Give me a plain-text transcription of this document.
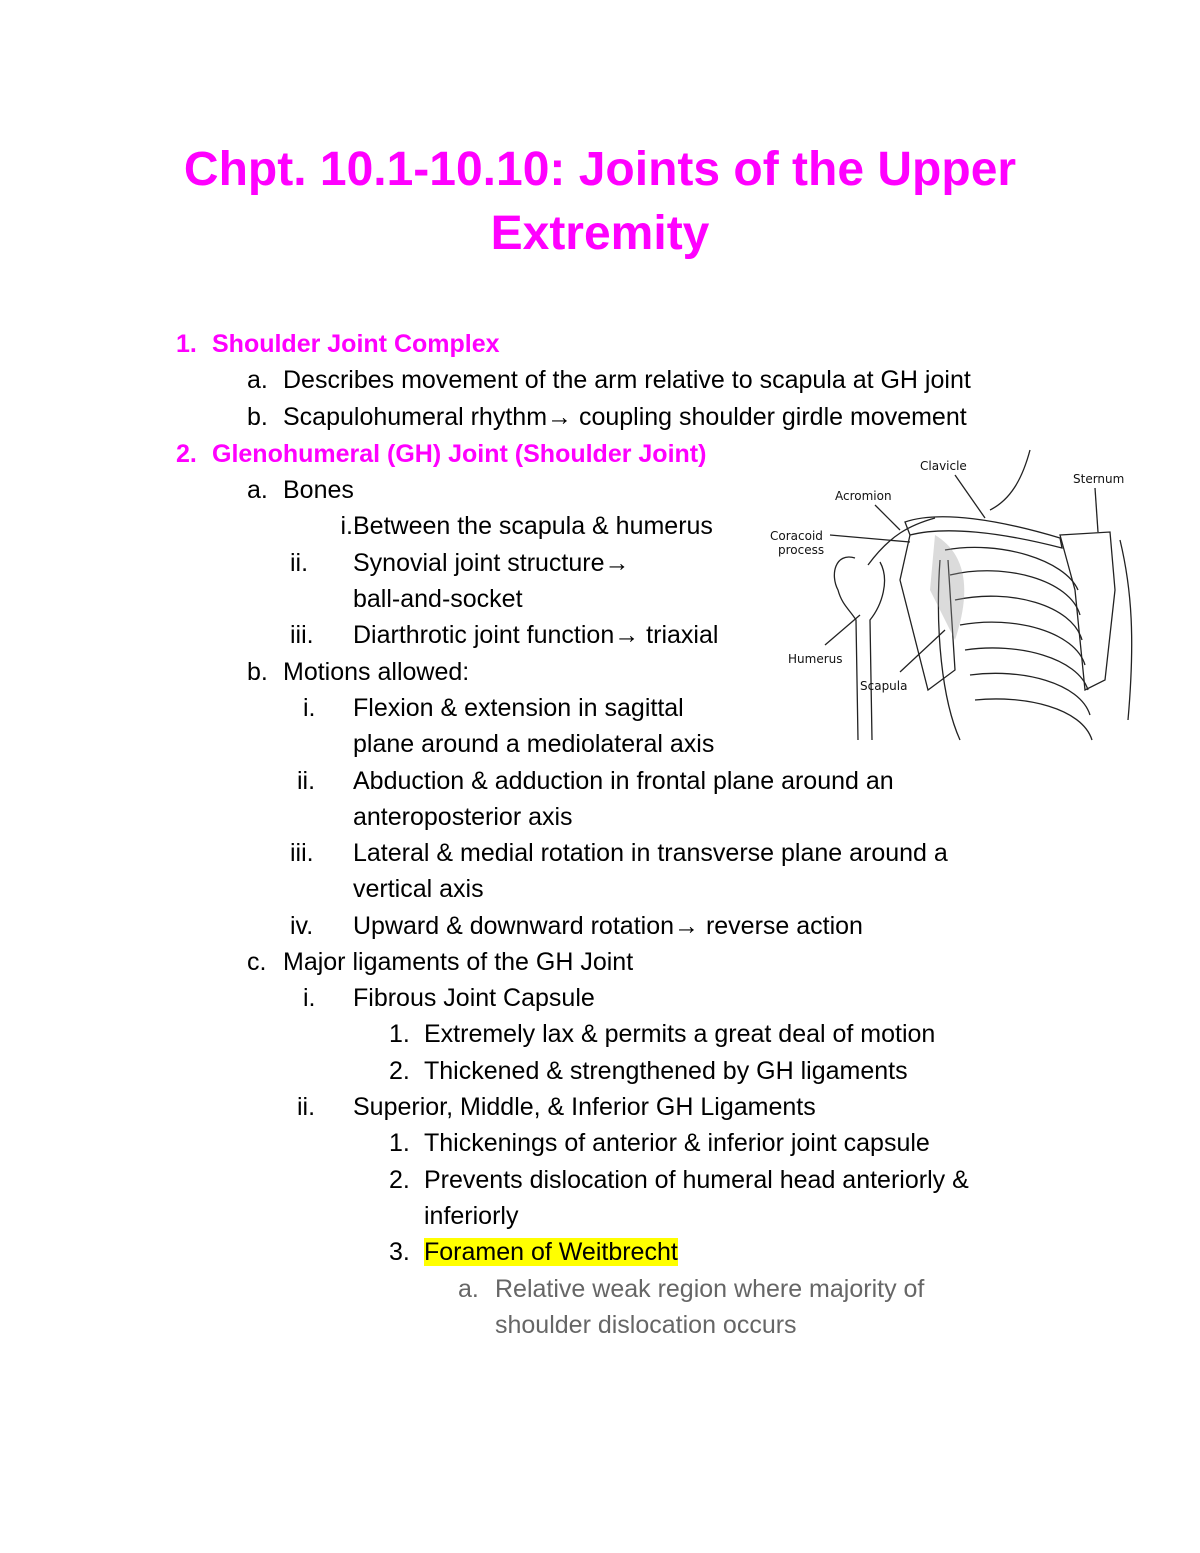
Chpt. 10.1-10.10: Joints of the Upper Extremity
1. Shoulder Joint Complex
a. Describes movement of the arm relative to scapula at GH joint
b. Scapulohumeral rhythm→ coupling shoulder girdle movement
2. Glenohumeral (GH) Joint (Shoulder Joint)
a. Bones
i. Between the scapula & humerus
ii. Synovial joint structure→
ball-and-socket
iii. Diarthrotic joint function→ triaxial
b. Motions allowed:
i. Flexion & extension in sagittal
plane around a mediolateral axis
ii. Abduction & adduction in frontal plane around an
anteroposterior axis
iii. Lateral & medial rotation in transverse plane around a
vertical axis
iv. Upward & downward rotation→ reverse action
c. Major ligaments of the GH Joint
i. Fibrous Joint Capsule
1. Extremely lax & permits a great deal of motion
2. Thickened & strengthened by GH ligaments
ii. Superior, Middle, & Inferior GH Ligaments
1. Thickenings of anterior & inferior joint capsule
2. Prevents dislocation of humeral head anteriorly &
inferiorly
3. Foramen of Weitbrecht
a. Relative weak region where majority of
shoulder dislocation occurs
Clavicle
Sternum
Acromion
Coracoid
process
Humerus
Scapula
